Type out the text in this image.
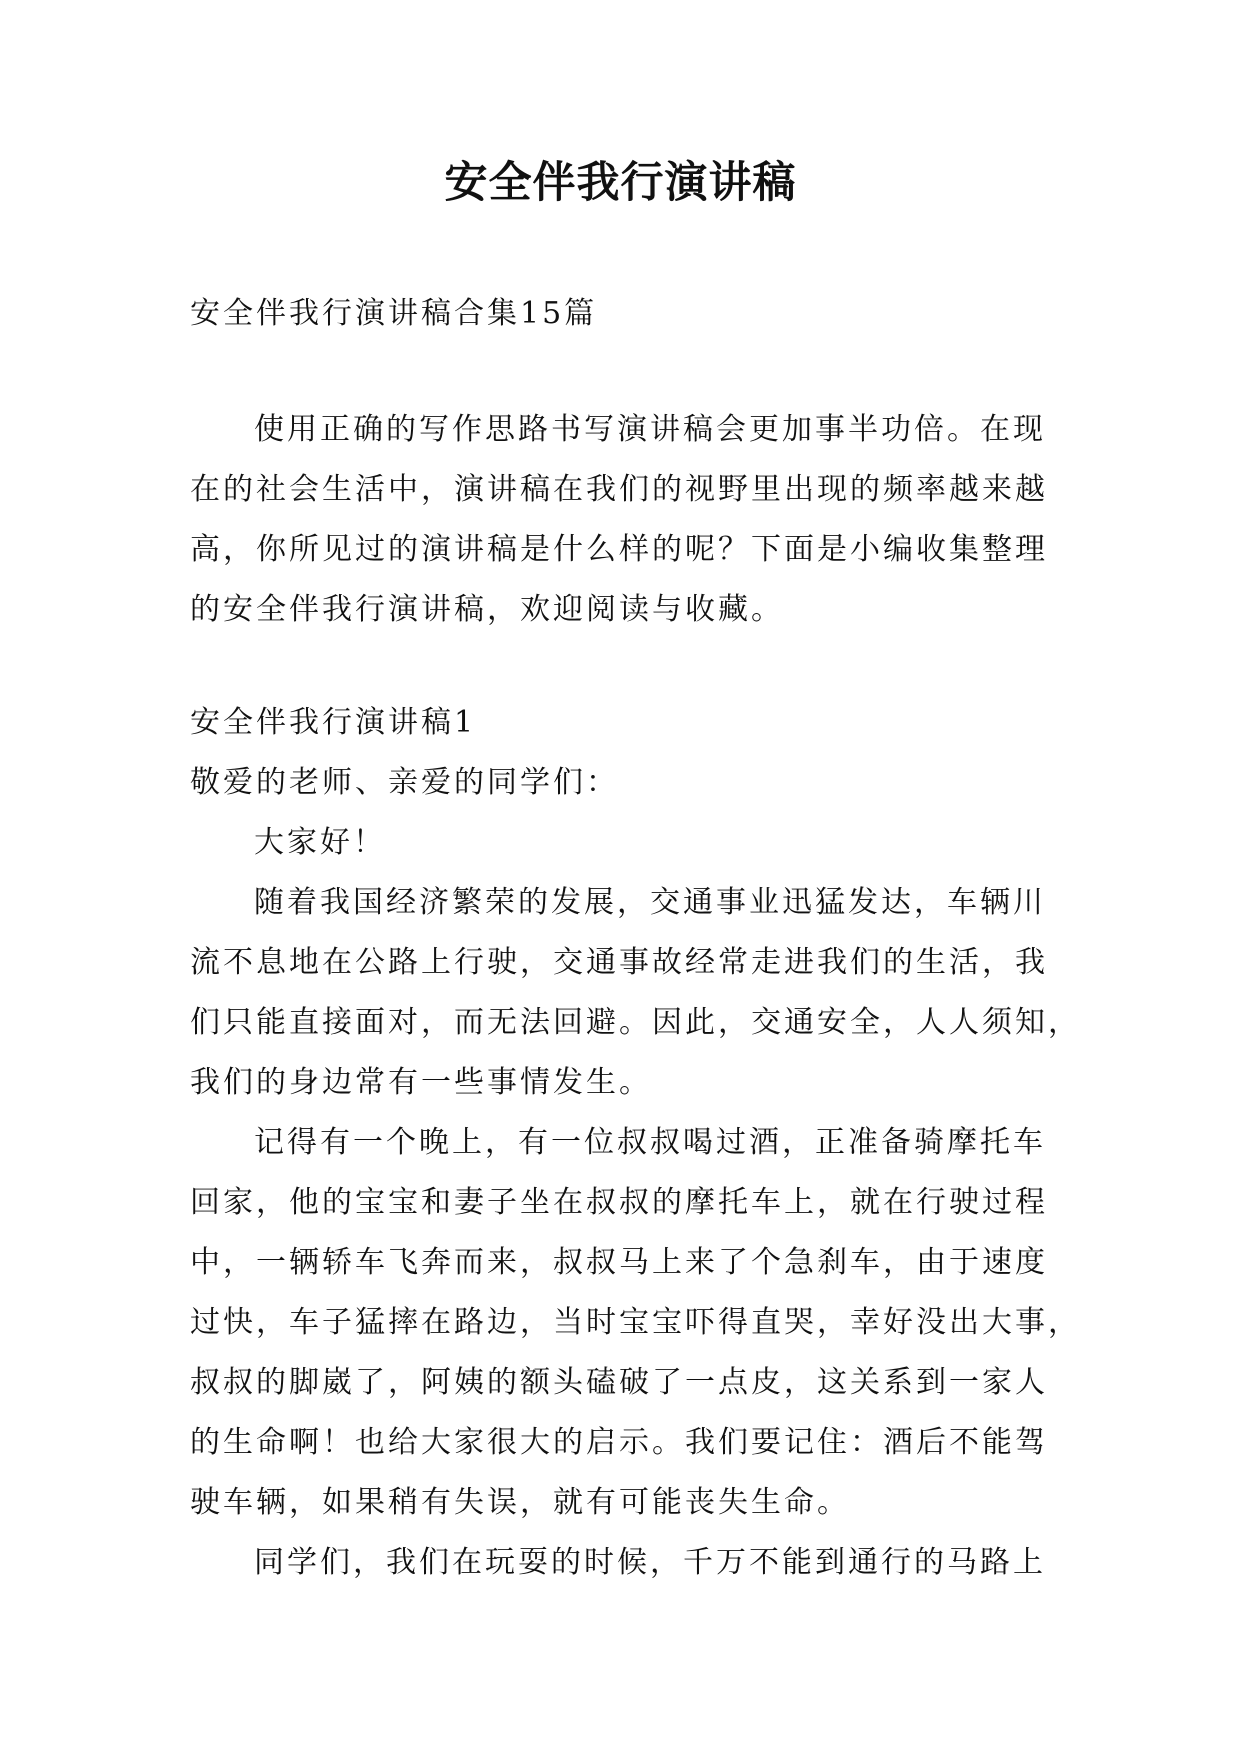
安全伴我行演讲稿
安全伴我行演讲稿合集15篇
使用正确的写作思路书写演讲稿会更加事半功倍。在现
在的社会生活中，演讲稿在我们的视野里出现的频率越来越
高，你所见过的演讲稿是什么样的呢？下面是小编收集整理
的安全伴我行演讲稿，欢迎阅读与收藏。
安全伴我行演讲稿1
敬爱的老师、亲爱的同学们：
大家好！
随着我国经济繁荣的发展，交通事业迅猛发达，车辆川
流不息地在公路上行驶，交通事故经常走进我们的生活，我
们只能直接面对，而无法回避。因此，交通安全，人人须知，
我们的身边常有一些事情发生。
记得有一个晚上，有一位叔叔喝过酒，正准备骑摩托车
回家，他的宝宝和妻子坐在叔叔的摩托车上，就在行驶过程
中，一辆轿车飞奔而来，叔叔马上来了个急刹车，由于速度
过快，车子猛摔在路边，当时宝宝吓得直哭，幸好没出大事，
叔叔的脚崴了，阿姨的额头磕破了一点皮，这关系到一家人
的生命啊！也给大家很大的启示。我们要记住：酒后不能驾
驶车辆，如果稍有失误，就有可能丧失生命。
同学们，我们在玩耍的时候，千万不能到通行的马路上
